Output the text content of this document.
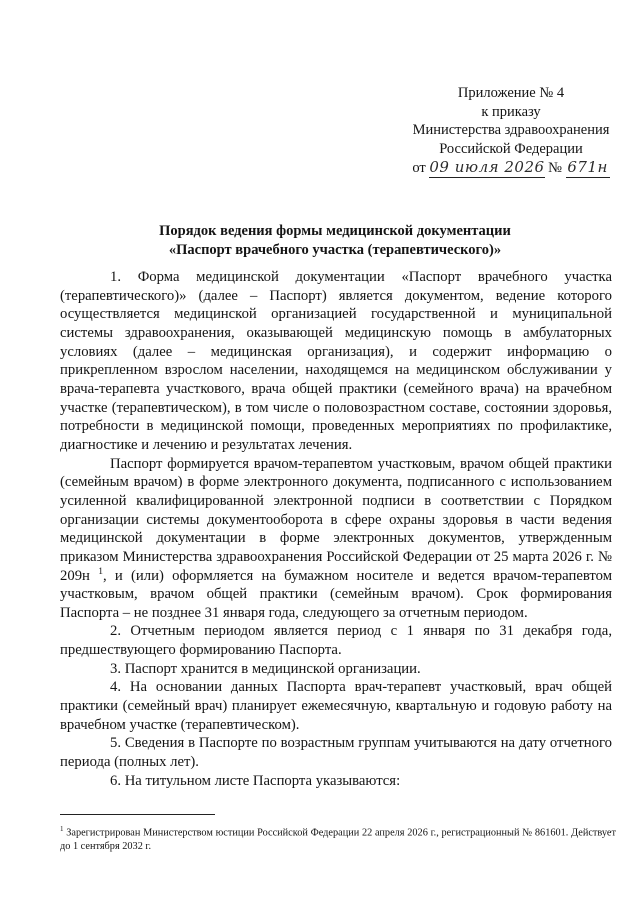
Приложение № 4
к приказу
Министерства здравоохранения
Российской Федерации
от 09 июля 2026 № 671н
Порядок ведения формы медицинской документации
«Паспорт врачебного участка (терапевтического)»

1. Форма медицинской документации «Паспорт врачебного участка (терапевтического)» (далее – Паспорт) является документом, ведение которого осуществляется медицинской организацией государственной и муниципальной системы здравоохранения, оказывающей медицинскую помощь в амбулаторных условиях (далее – медицинская организация), и содержит информацию о прикрепленном взрослом населении, находящемся на медицинском обслуживании у врача-терапевта участкового, врача общей практики (семейного врача) на врачебном участке (терапевтическом), в том числе о половозрастном составе, состоянии здоровья, потребности в медицинской помощи, проведенных мероприятиях по профилактике, диагностике и лечению и результатах лечения.

Паспорт формируется врачом-терапевтом участковым, врачом общей практики (семейным врачом) в форме электронного документа, подписанного с использованием усиленной квалифицированной электронной подписи в соответствии с Порядком организации системы документооборота в сфере охраны здоровья в части ведения медицинской документации в форме электронных документов, утвержденным приказом Министерства здравоохранения Российской Федерации от 25 марта 2026 г. № 209н $^1$, и (или) оформляется на бумажном носителе и ведется врачом-терапевтом участковым, врачом общей практики (семейным врачом). Срок формирования Паспорта – не позднее 31 января года, следующего за отчетным периодом.

2. Отчетным периодом является период с 1 января по 31 декабря года, предшествующего формированию Паспорта.

3. Паспорт хранится в медицинской организации.

4. На основании данных Паспорта врач-терапевт участковый, врач общей практики (семейный врач) планирует ежемесячную, квартальную и годовую работу на врачебном участке (терапевтическом).

5. Сведения в Паспорте по возрастным группам учитываются на дату отчетного периода (полных лет).

6. На титульном листе Паспорта указываются:

$^1$ Зарегистрирован Министерством юстиции Российской Федерации 22 апреля 2026 г., регистрационный № 861601. Действует до 1 сентября 2032 г.
